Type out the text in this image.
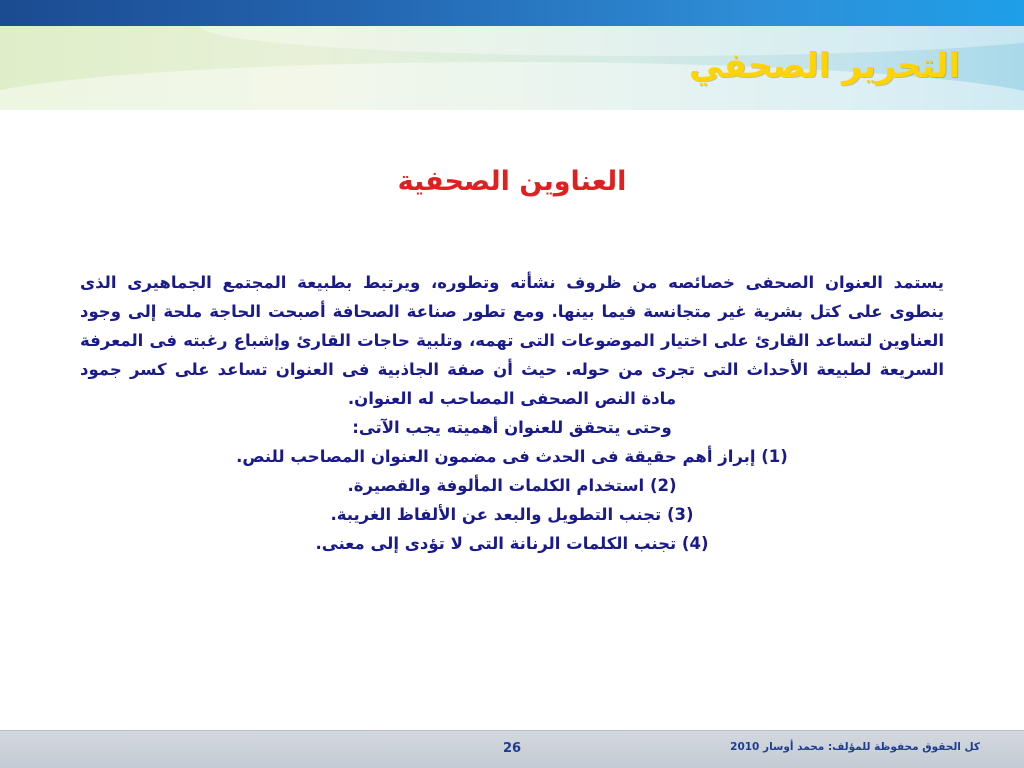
التحرير الصحفي
العناوين الصحفية

يستمد العنوان الصحفى خصائصه من ظروف نشأته وتطوره، ويرتبط بطبيعة المجتمع الجماهيرى الذى ينطوى على كتل بشرية غير متجانسة فيما بينها. ومع تطور صناعة الصحافة أصبحت الحاجة ملحة إلى وجود العناوين لتساعد القارئ على اختيار الموضوعات التى تهمه، وتلبية حاجات القارئ وإشباع رغبته فى المعرفة السريعة لطبيعة الأحداث التى تجرى من حوله. حيث أن صفة الجاذبية فى العنوان تساعد على كسر جمود مادة النص الصحفى المصاحب له العنوان.

وحتى يتحقق للعنوان أهميته يجب الآتى:

(1) إبراز أهم حقيقة فى الحدث فى مضمون العنوان المصاحب للنص.

(2) استخدام الكلمات المألوفة والقصيرة.

(3) تجنب التطويل والبعد عن الألفاظ الغريبة.

(4) تجنب الكلمات الرنانة التى لا تؤدى إلى معنى.

26	كل الحقوق محفوظة للمؤلف: محمد أوسار 2010
